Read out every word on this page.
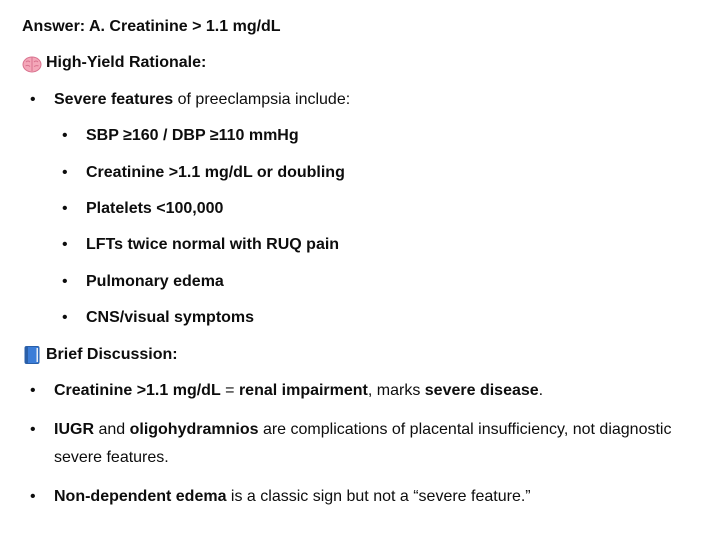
Answer: A. Creatinine > 1.1 mg/dL
High-Yield Rationale:
• Severe features of preeclampsia include:
• SBP ≥160 / DBP ≥110 mmHg
• Creatinine >1.1 mg/dL or doubling
• Platelets <100,000
• LFTs twice normal with RUQ pain
• Pulmonary edema
• CNS/visual symptoms
Brief Discussion:
• Creatinine >1.1 mg/dL = renal impairment, marks severe disease.
• IUGR and oligohydramnios are complications of placental insufficiency, not diagnostic severe features.
• Non-dependent edema is a classic sign but not a “severe feature.”
